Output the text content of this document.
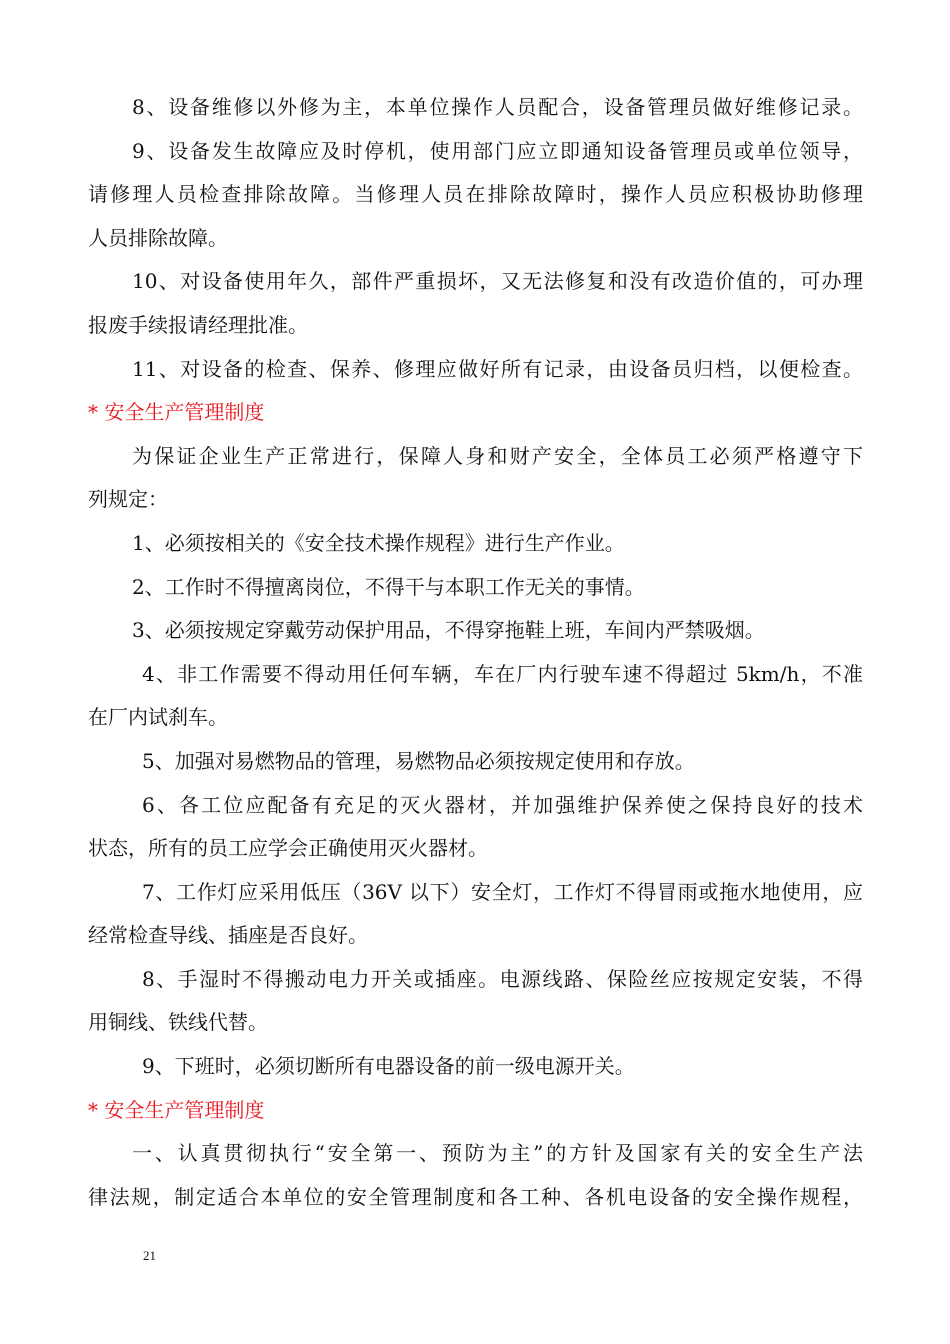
8、设备维修以外修为主，本单位操作人员配合，设备管理员做好维修记录。
9、设备发生故障应及时停机，使用部门应立即通知设备管理员或单位领导，
请修理人员检查排除故障。当修理人员在排除故障时，操作人员应积极协助修理
人员排除故障。
10、对设备使用年久，部件严重损坏，又无法修复和没有改造价值的，可办理
报废手续报请经理批准。
11、对设备的检查、保养、修理应做好所有记录，由设备员归档，以便检查。
* 安全生产管理制度
为保证企业生产正常进行，保障人身和财产安全，全体员工必须严格遵守下
列规定：
1、必须按相关的《安全技术操作规程》进行生产作业。
2、工作时不得擅离岗位，不得干与本职工作无关的事情。
3、必须按规定穿戴劳动保护用品，不得穿拖鞋上班，车间内严禁吸烟。
4、非工作需要不得动用任何车辆，车在厂内行驶车速不得超过 5km/h，不准
在厂内试刹车。
5、加强对易燃物品的管理，易燃物品必须按规定使用和存放。
6、各工位应配备有充足的灭火器材，并加强维护保养使之保持良好的技术
状态，所有的员工应学会正确使用灭火器材。
7、工作灯应采用低压（36V 以下）安全灯，工作灯不得冒雨或拖水地使用，应
经常检查导线、插座是否良好。
8、手湿时不得搬动电力开关或插座。电源线路、保险丝应按规定安装，不得
用铜线、铁线代替。
9、下班时，必须切断所有电器设备的前一级电源开关。
* 安全生产管理制度
一、认真贯彻执行“安全第一、预防为主”的方针及国家有关的安全生产法
律法规，制定适合本单位的安全管理制度和各工种、各机电设备的安全操作规程，
21
